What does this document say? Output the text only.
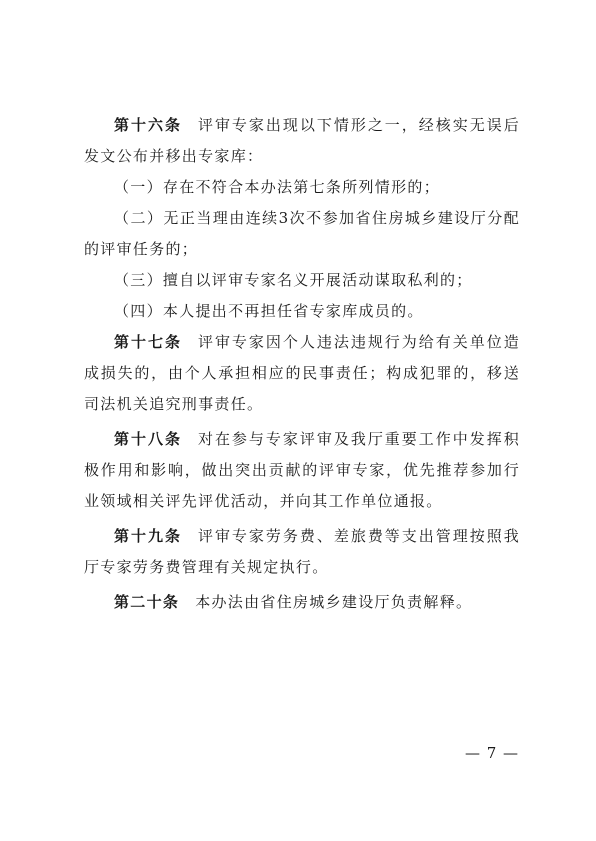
第十六条 评审专家出现以下情形之一，经核实无误后发文公布并移出专家库：

（一）存在不符合本办法第七条所列情形的；

（二）无正当理由连续3次不参加省住房城乡建设厅分配的评审任务的；

（三）擅自以评审专家名义开展活动谋取私利的；

（四）本人提出不再担任省专家库成员的。

第十七条 评审专家因个人违法违规行为给有关单位造成损失的，由个人承担相应的民事责任；构成犯罪的，移送司法机关追究刑事责任。

第十八条 对在参与专家评审及我厅重要工作中发挥积极作用和影响，做出突出贡献的评审专家，优先推荐参加行业领域相关评先评优活动，并向其工作单位通报。

第十九条 评审专家劳务费、差旅费等支出管理按照我厅专家劳务费管理有关规定执行。

第二十条 本办法由省住房城乡建设厅负责解释。

— 7 —
